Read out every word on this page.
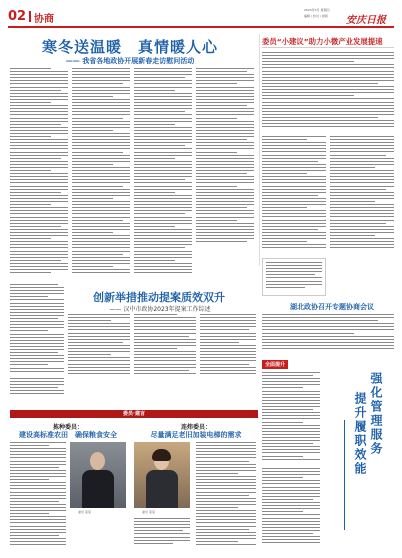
02 协商
2023年3月 星期四
编辑 / 校对 / 排版 安庆日报
寒冬送温暖　真情暖人心
—— 我省各地政协开展新春走访慰问活动
委员“小建议”助力小微产业发展提速
湖北政协召开专题协商会议
创新举措推动提案质效双升
—— 汉中市政协2023年提案工作综述
全面提升
强化管理服务
提升履职效能
委员·建言
拣种委员：
建设高标准农田　确保粮食安全
委员 某某
连炜委员：
尽量满足老旧加装电梯的需求
委员 某某
